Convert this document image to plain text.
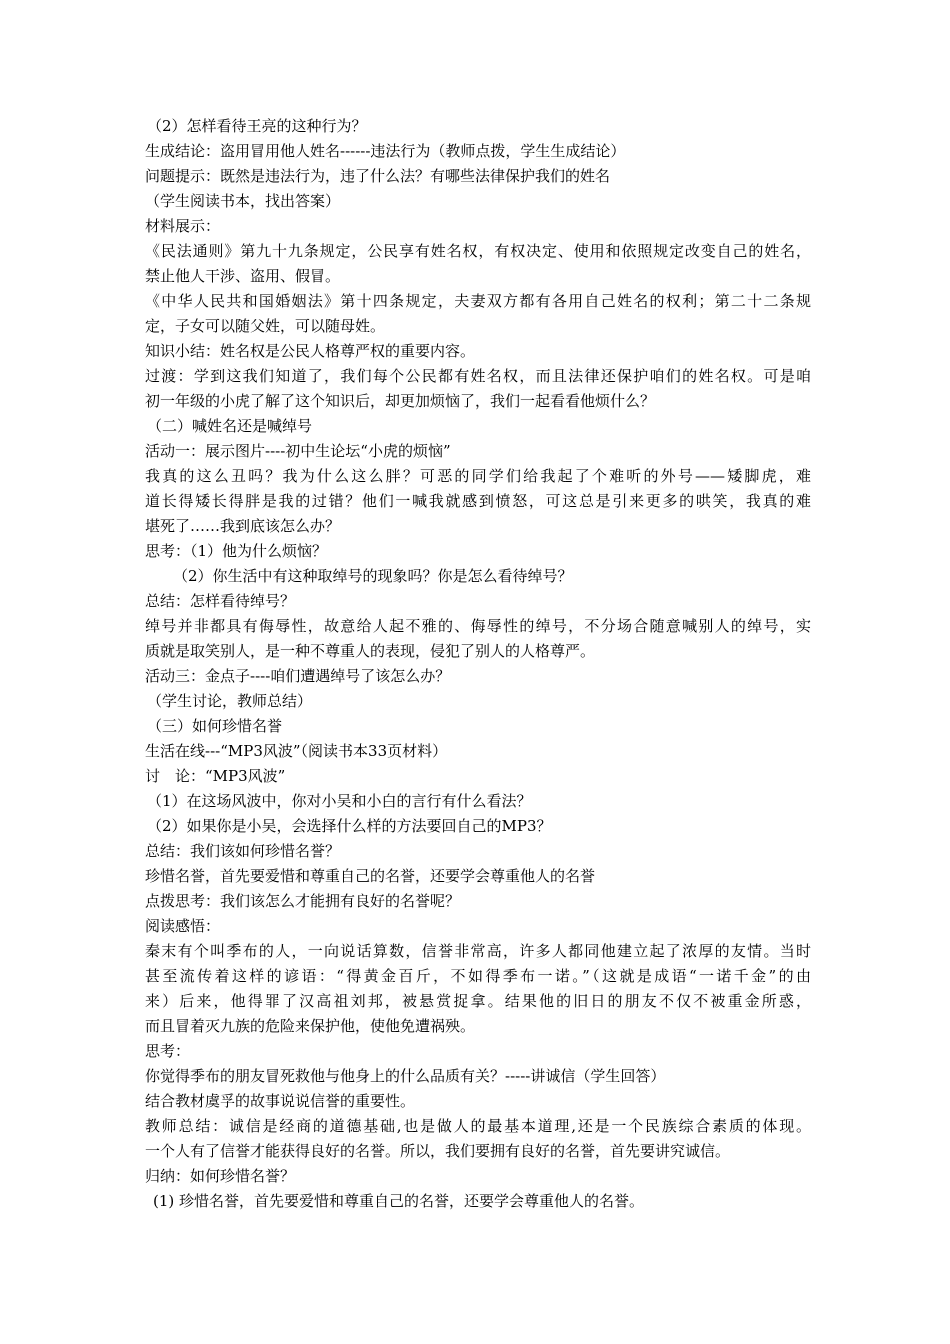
（2）怎样看待王亮的这种行为？
生成结论：盗用冒用他人姓名------违法行为（教师点拨，学生生成结论）
问题提示：既然是违法行为，违了什么法？有哪些法律保护我们的姓名
（学生阅读书本，找出答案）
材料展示：
《民法通则》第九十九条规定，公民享有姓名权，有权决定、使用和依照规定改变自己的姓名，
禁止他人干涉、盗用、假冒。
《中华人民共和国婚姻法》第十四条规定，夫妻双方都有各用自己姓名的权利；第二十二条规
定，子女可以随父姓，可以随母姓。
知识小结：姓名权是公民人格尊严权的重要内容。
过渡：学到这我们知道了，我们每个公民都有姓名权，而且法律还保护咱们的姓名权。可是咱
初一年级的小虎了解了这个知识后，却更加烦恼了，我们一起看看他烦什么？
（二）喊姓名还是喊绰号
活动一：展示图片----初中生论坛“小虎的烦恼”
我真的这么丑吗？我为什么这么胖？可恶的同学们给我起了个难听的外号——矮脚虎，难
道长得矮长得胖是我的过错？他们一喊我就感到愤怒，可这总是引来更多的哄笑，我真的难
堪死了……我到底该怎么办？
思考：（1）他为什么烦恼？
（2）你生活中有这种取绰号的现象吗？你是怎么看待绰号？
总结：怎样看待绰号？
绰号并非都具有侮辱性，故意给人起不雅的、侮辱性的绰号，不分场合随意喊别人的绰号，实
质就是取笑别人，是一种不尊重人的表现，侵犯了别人的人格尊严。
活动三：金点子----咱们遭遇绰号了该怎么办？
（学生讨论，教师总结）
（三）如何珍惜名誉
生活在线---“MP3风波”（阅读书本33页材料）
讨　论：“MP3风波”
（1）在这场风波中，你对小吴和小白的言行有什么看法？
（2）如果你是小吴，会选择什么样的方法要回自己的MP3？
总结：我们该如何珍惜名誉？
珍惜名誉，首先要爱惜和尊重自己的名誉，还要学会尊重他人的名誉
点拨思考：我们该怎么才能拥有良好的名誉呢？
阅读感悟：
秦末有个叫季布的人，一向说话算数，信誉非常高，许多人都同他建立起了浓厚的友情。当时
甚至流传着这样的谚语：“得黄金百斤，不如得季布一诺。”（这就是成语“一诺千金”的由
来）后来，他得罪了汉高祖刘邦，被悬赏捉拿。结果他的旧日的朋友不仅不被重金所惑，
而且冒着灭九族的危险来保护他，使他免遭祸殃。
思考：
你觉得季布的朋友冒死救他与他身上的什么品质有关？-----讲诚信（学生回答）
结合教材虞孚的故事说说信誉的重要性。
教师总结：诚信是经商的道德基础,也是做人的最基本道理,还是一个民族综合素质的体现。
一个人有了信誉才能获得良好的名誉。所以，我们要拥有良好的名誉，首先要讲究诚信。
归纳：如何珍惜名誉？
(1) 珍惜名誉，首先要爱惜和尊重自己的名誉，还要学会尊重他人的名誉。
